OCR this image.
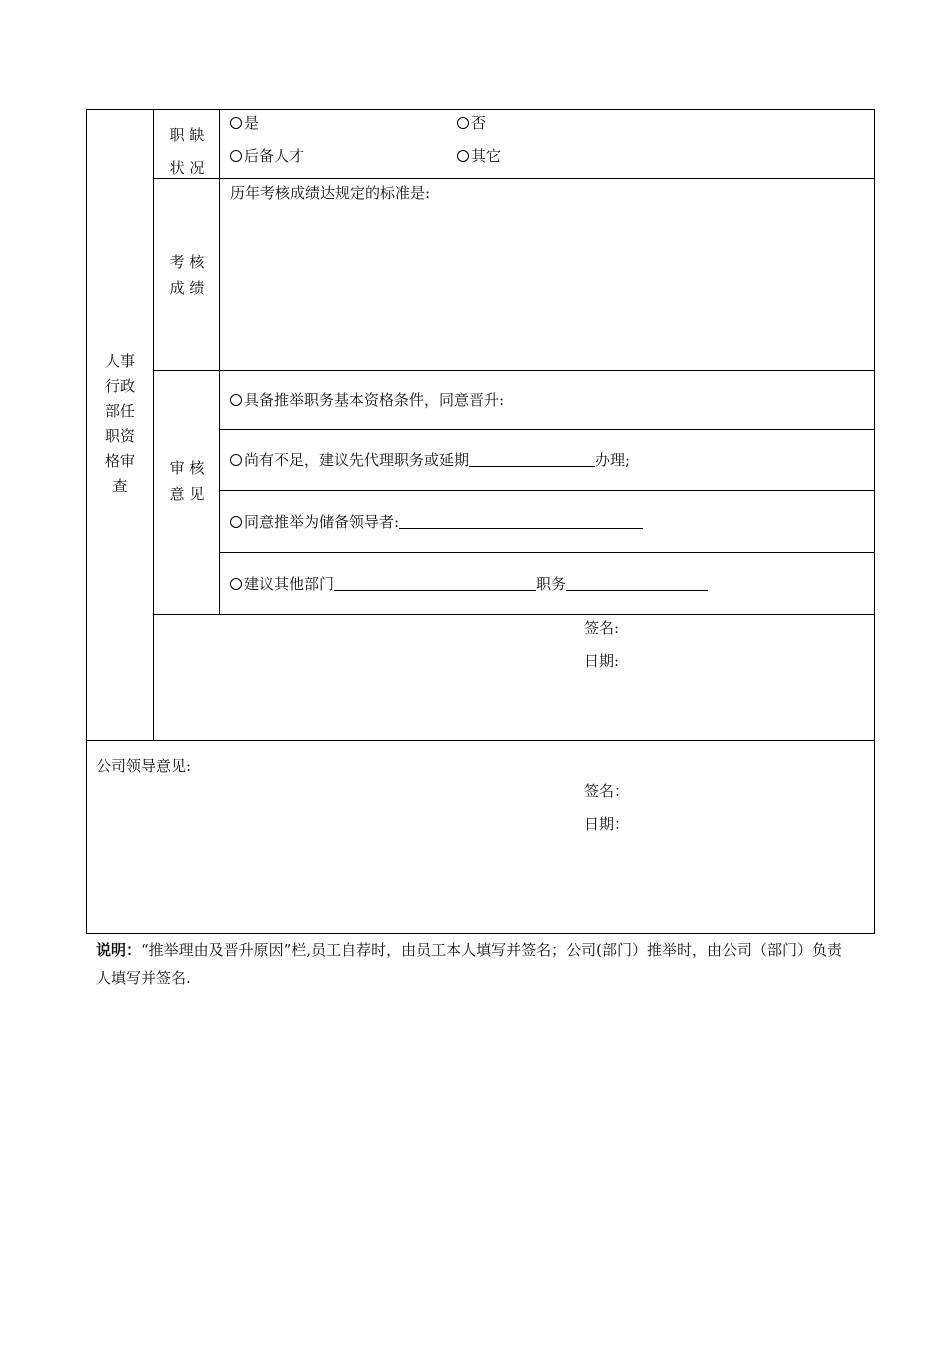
人事
行政
部任
职资
格审
查
职 缺
状 况
是	否
后备人才	其它
考 核
成 绩
历年考核成绩达规定的标准是:
审 核
意 见
具备推举职务基本资格条件，同意晋升:
尚有不足，建议先代理职务或延期	办理;
同意推举为储备领导者:
建议其他部门	职务
签名:
日期:
公司领导意见:
签名：
日期：
说明：“推举理由及晋升原因”栏,员工自荐时，由员工本人填写并签名；公司(部门）推举时，由公司（部门）负责人填写并签名.
